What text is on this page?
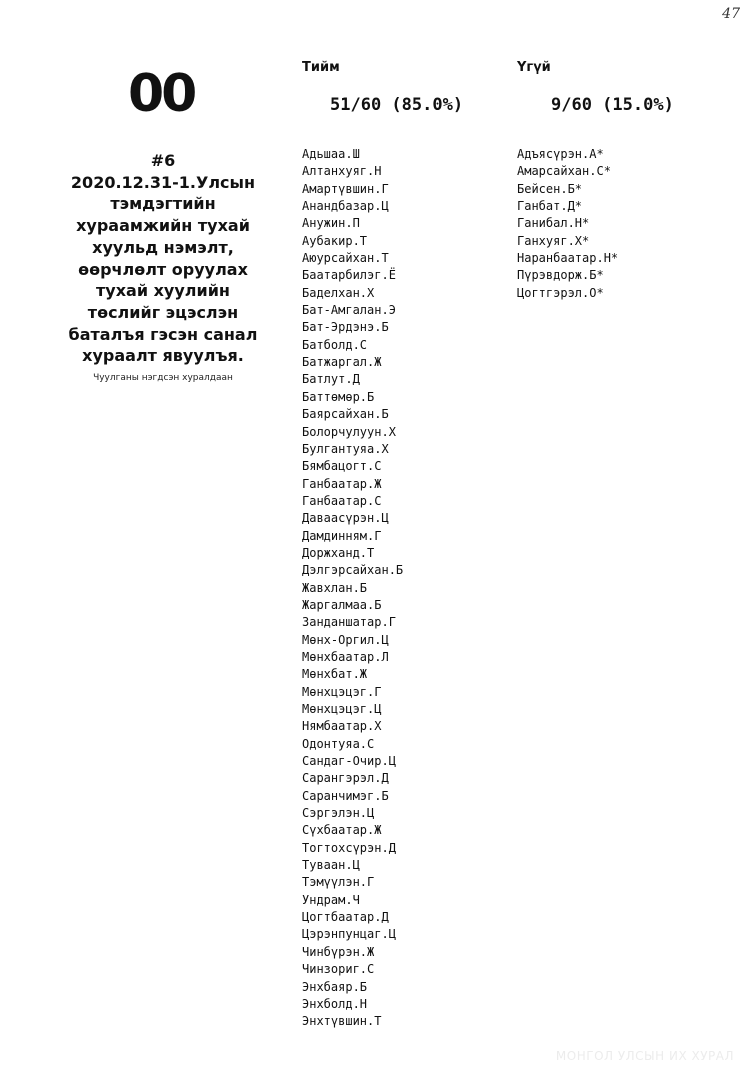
47
00
#6
2020.12.31-1.Улсын тэмдэгтийн хураамжийн тухай хуульд нэмэлт, өөрчлөлт оруулах тухай хуулийн төслийг эцэслэн баталъя гэсэн санал хураалт явуулъя.
Чуулганы нэгдсэн хуралдаан
Тийм
51/60 (85.0%)
Адьшаа.Ш
Алтанхуяг.Н
Амартүвшин.Г
Анандбазар.Ц
Анужин.П
Аубакир.Т
Аюурсайхан.Т
Баатарбилэг.Ё
Баделхан.Х
Бат-Амгалан.Э
Бат-Эрдэнэ.Б
Батболд.С
Батжаргал.Ж
Батлут.Д
Баттөмөр.Б
Баярсайхан.Б
Болорчулуун.Х
Булгантуяа.Х
Бямбацогт.С
Ганбаатар.Ж
Ганбаатар.С
Даваасүрэн.Ц
Дамдинням.Г
Доржханд.Т
Дэлгэрсайхан.Б
Жавхлан.Б
Жаргалмаа.Б
Занданшатар.Г
Мөнх-Оргил.Ц
Мөнхбаатар.Л
Мөнхбат.Ж
Мөнхцэцэг.Г
Мөнхцэцэг.Ц
Нямбаатар.Х
Одонтуяа.С
Сандаг-Очир.Ц
Сарангэрэл.Д
Саранчимэг.Б
Сэргэлэн.Ц
Сүхбаатар.Ж
Тогтохсүрэн.Д
Туваан.Ц
Тэмүүлэн.Г
Ундрам.Ч
Цогтбаатар.Д
Цэрэнпунцаг.Ц
Чинбүрэн.Ж
Чинзориг.С
Энхбаяр.Б
Энхболд.Н
Энхтүвшин.Т
Үгүй
9/60 (15.0%)
Адъясүрэн.А*
Амарсайхан.С*
Бейсен.Б*
Ганбат.Д*
Ганибал.Н*
Ганхуяг.Х*
Наранбаатар.Н*
Пүрэвдорж.Б*
Цогтгэрэл.О*
МОНГОЛ УЛСЫН ИХ ХУРАЛ
